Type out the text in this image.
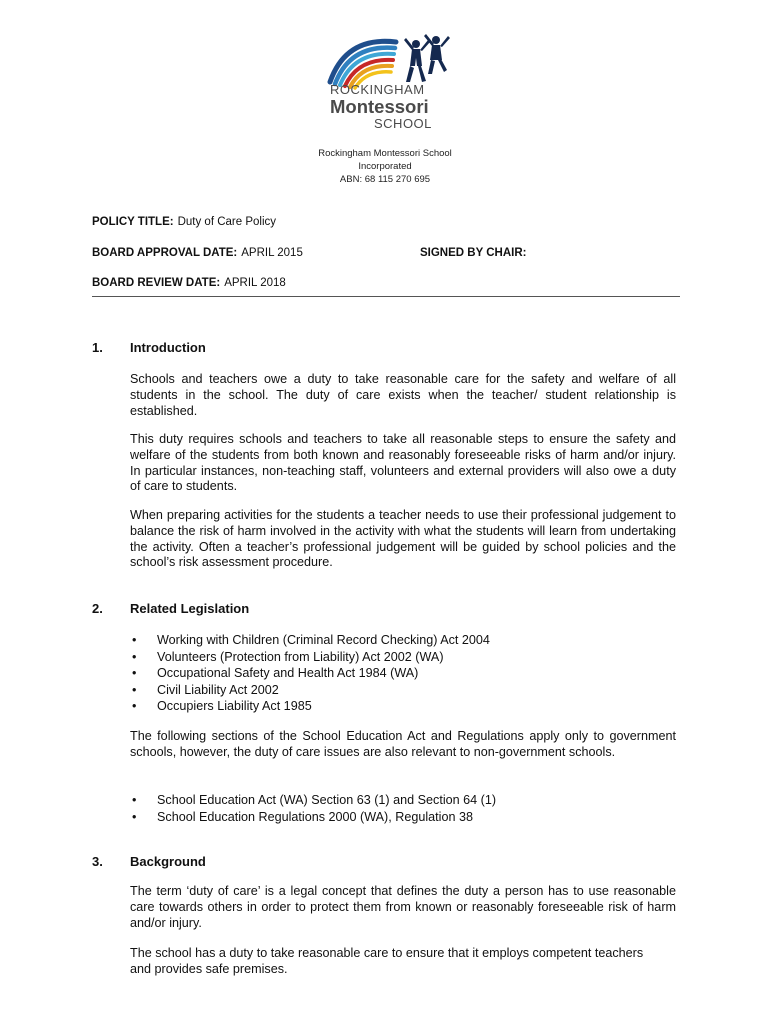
ROCKINGHAM
Montessori
SCHOOL
Rockingham Montessori School
Incorporated
ABN: 68 115 270 695
POLICY TITLE: Duty of Care Policy
BOARD APPROVAL DATE: APRIL 2015	SIGNED BY CHAIR:
BOARD REVIEW DATE: APRIL 2018
1. Introduction
Schools and teachers owe a duty to take reasonable care for the safety and welfare of all students in the school. The duty of care exists when the teacher/ student relationship is established.
This duty requires schools and teachers to take all reasonable steps to ensure the safety and welfare of the students from both known and reasonably foreseeable risks of harm and/or injury. In particular instances, non-teaching staff, volunteers and external providers will also owe a duty of care to students.
When preparing activities for the students a teacher needs to use their professional judgement to balance the risk of harm involved in the activity with what the students will learn from undertaking the activity. Often a teacher’s professional judgement will be guided by school policies and the school’s risk assessment procedure.
2. Related Legislation
• Working with Children (Criminal Record Checking) Act 2004
• Volunteers (Protection from Liability) Act 2002 (WA)
• Occupational Safety and Health Act 1984 (WA)
• Civil Liability Act 2002
• Occupiers Liability Act 1985
The following sections of the School Education Act and Regulations apply only to government schools, however, the duty of care issues are also relevant to non-government schools.
• School Education Act (WA) Section 63 (1) and Section 64 (1)
• School Education Regulations 2000 (WA), Regulation 38
3. Background
The term ‘duty of care’ is a legal concept that defines the duty a person has to use reasonable care towards others in order to protect them from known or reasonably foreseeable risk of harm and/or injury.
The school has a duty to take reasonable care to ensure that it employs competent teachers and provides safe premises.
